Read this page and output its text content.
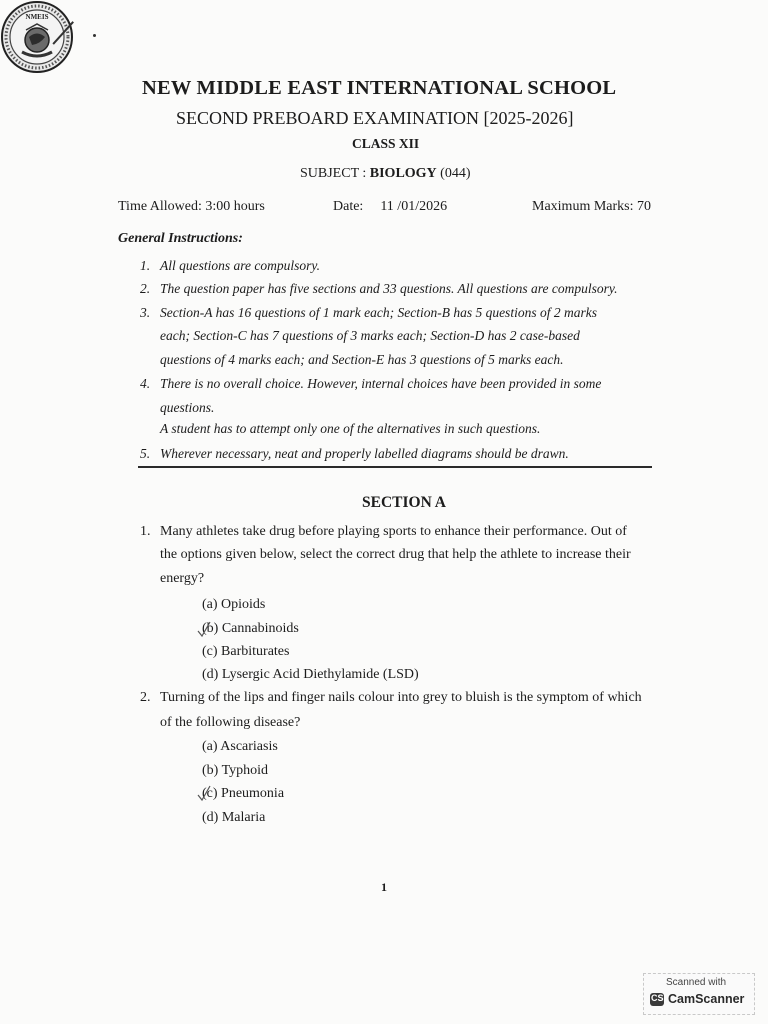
NMEIS
NEW MIDDLE EAST INTERNATIONAL SCHOOL
SECOND PREBOARD EXAMINATION [2025-2026]
CLASS XII
SUBJECT : BIOLOGY (044)
Time Allowed: 3:00 hours	Date: 11 /01/2026	Maximum Marks: 70
General Instructions:
1. All questions are compulsory.
2. The question paper has five sections and 33 questions. All questions are compulsory.
3. Section-A has 16 questions of 1 mark each; Section-B has 5 questions of 2 marks
each; Section-C has 7 questions of 3 marks each; Section-D has 2 case-based
questions of 4 marks each; and Section-E has 3 questions of 5 marks each.
4. There is no overall choice. However, internal choices have been provided in some
questions.
A student has to attempt only one of the alternatives in such questions.
5. Wherever necessary, neat and properly labelled diagrams should be drawn.
SECTION A
1. Many athletes take drug before playing sports to enhance their performance. Out of
the options given below, select the correct drug that help the athlete to increase their
energy?
(a) Opioids
(b) Cannabinoids
(c) Barbiturates
(d) Lysergic Acid Diethylamide (LSD)
2. Turning of the lips and finger nails colour into grey to bluish is the symptom of which
of the following disease?
(a) Ascariasis
(b) Typhoid
(c) Pneumonia
(d) Malaria
1
Scanned with
CS CamScanner
